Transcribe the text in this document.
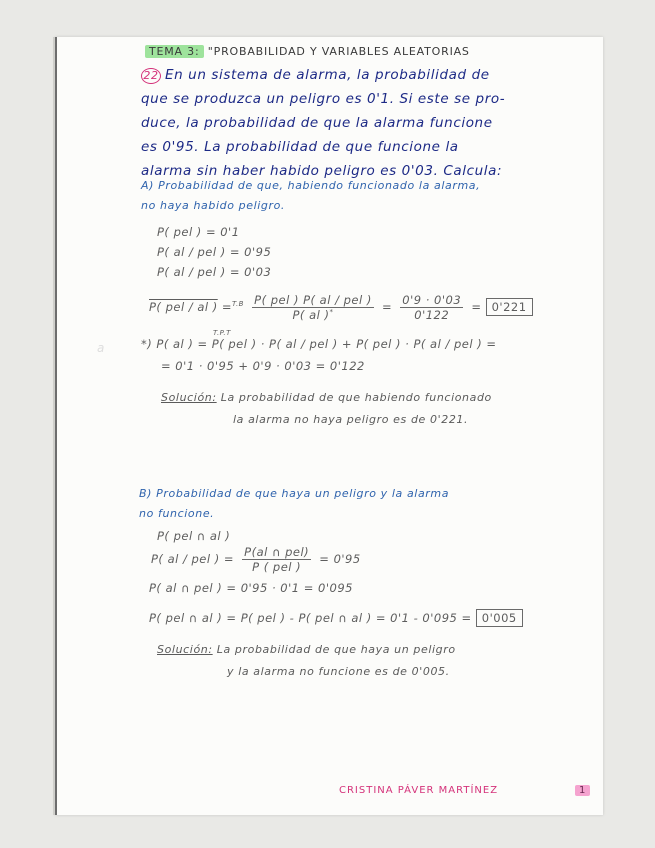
TEMA 3: "PROBABILIDAD Y VARIABLES ALEATORIAS
22 En un sistema de alarma, la probabilidad de
que se produzca un peligro es 0'1. Si este se pro-
duce, la probabilidad de que la alarma funcione
es 0'95. La probabilidad de que funcione la
alarma sin haber habido peligro es 0'03. Calcula:
A) Probabilidad de que, habiendo funcionado la alarma,
no haya habido peligro.
P( pel ) = 0'1
P( al / pel ) = 0'95
P( al / pel ) = 0'03
P( pel / al ) $=^{T.B} \frac{\text{P( pel ) P( al / pel )}}{P( al )^*} = \frac{0'9 \cdot 0'03}{0'122} = 0'221$
T.P.T
*) P( al ) = P( pel ) · P( al / pel ) + P( pel ) · P( al / pel ) =
= 0'1 · 0'95 + 0'9 · 0'03 = 0'122
Solución: La probabilidad de que habiendo funcionado
la alarma no haya peligro es de 0'221.
a
B) Probabilidad de que haya un peligro y la alarma
no funcione.
P( pel ∩ al )
P( al / pel ) = $\frac{\text{P(al ∩ pel)}}{\text{P ( pel )}} = 0'95$
P( al ∩ pel ) = 0'95 · 0'1 = 0'095
P( pel ∩ al ) = P( pel ) - P( pel ∩ al ) = 0'1 - 0'095 = 0'005
Solución: La probabilidad de que haya un peligro
y la alarma no funcione es de 0'005.
CRISTINA PÁVER MARTÍNEZ	1
